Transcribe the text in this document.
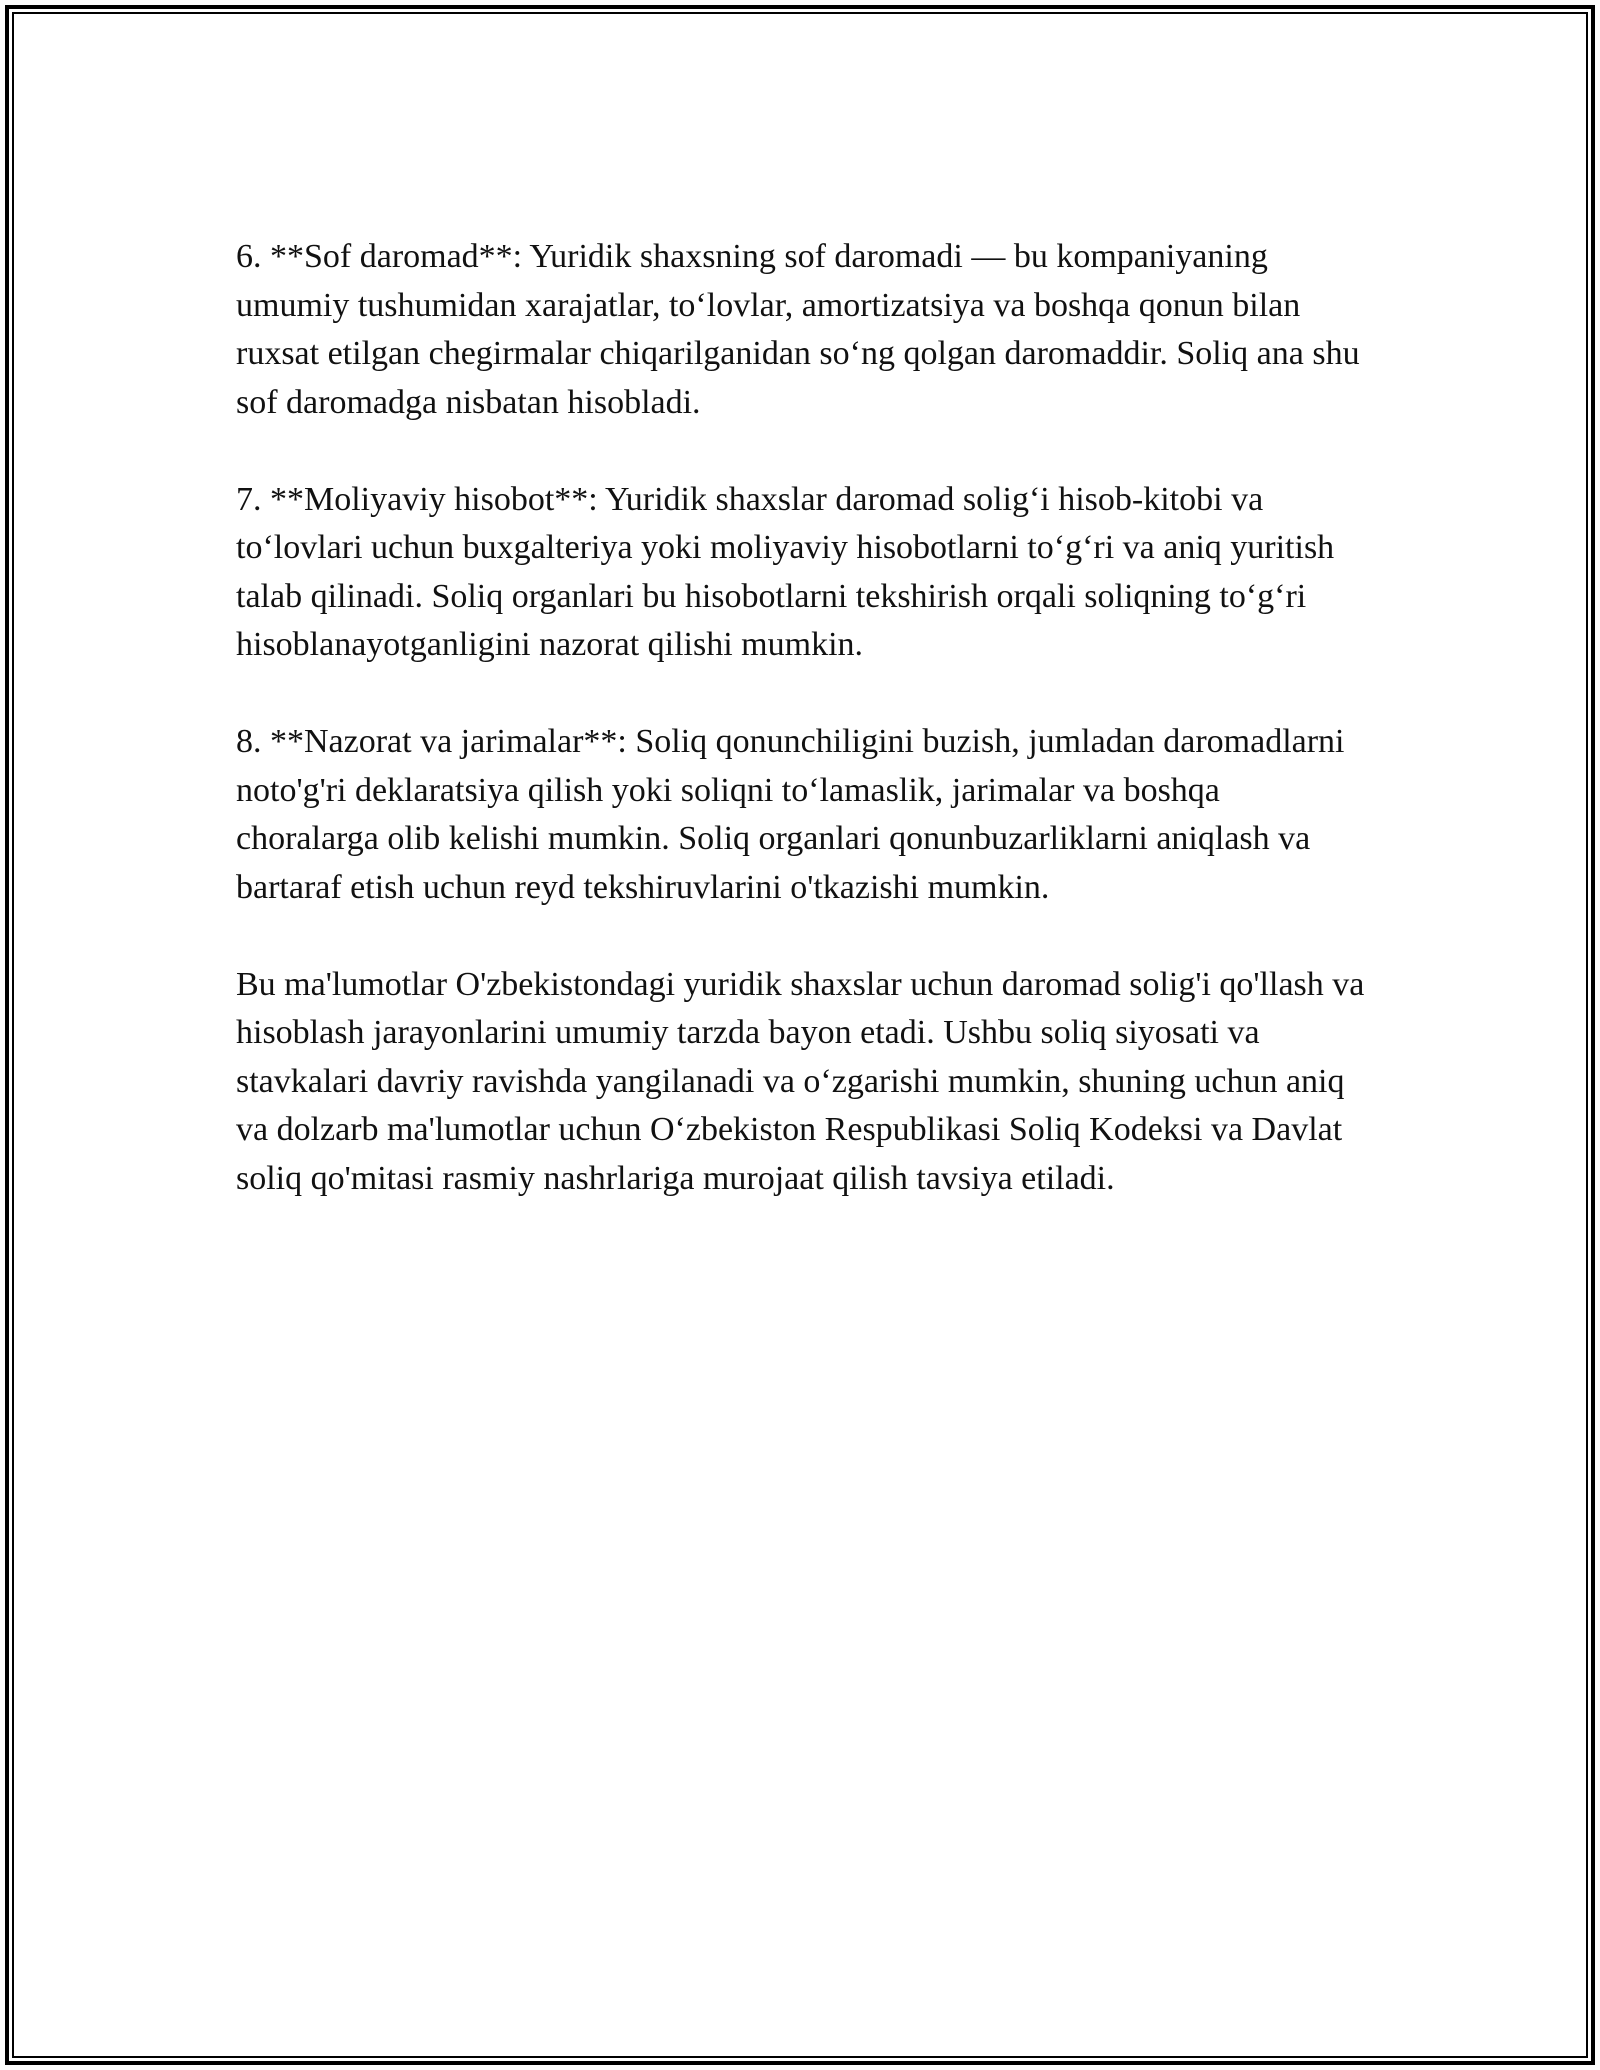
6. **Sof daromad**: Yuridik shaxsning sof daromadi — bu kompaniyaning umumiy tushumidan xarajatlar, to‘lovlar, amortizatsiya va boshqa qonun bilan ruxsat etilgan chegirmalar chiqarilganidan so‘ng qolgan daromaddir. Soliq ana shu sof daromadga nisbatan hisobladi.

7. **Moliyaviy hisobot**: Yuridik shaxslar daromad solig‘i hisob-kitobi va to‘lovlari uchun buxgalteriya yoki moliyaviy hisobotlarni to‘g‘ri va aniq yuritish talab qilinadi. Soliq organlari bu hisobotlarni tekshirish orqali soliqning to‘g‘ri hisoblanayotganligini nazorat qilishi mumkin.

8. **Nazorat va jarimalar**: Soliq qonunchiligini buzish, jumladan daromadlarni noto'g'ri deklaratsiya qilish yoki soliqni to‘lamaslik, jarimalar va boshqa choralarga olib kelishi mumkin. Soliq organlari qonunbuzarliklarni aniqlash va bartaraf etish uchun reyd tekshiruvlarini o'tkazishi mumkin.

Bu ma'lumotlar O'zbekistondagi yuridik shaxslar uchun daromad solig'i qo'llash va hisoblash jarayonlarini umumiy tarzda bayon etadi. Ushbu soliq siyosati va stavkalari davriy ravishda yangilanadi va o‘zgarishi mumkin, shuning uchun aniq va dolzarb ma'lumotlar uchun O‘zbekiston Respublikasi Soliq Kodeksi va Davlat soliq qo'mitasi rasmiy nashrlariga murojaat qilish tavsiya etiladi.
